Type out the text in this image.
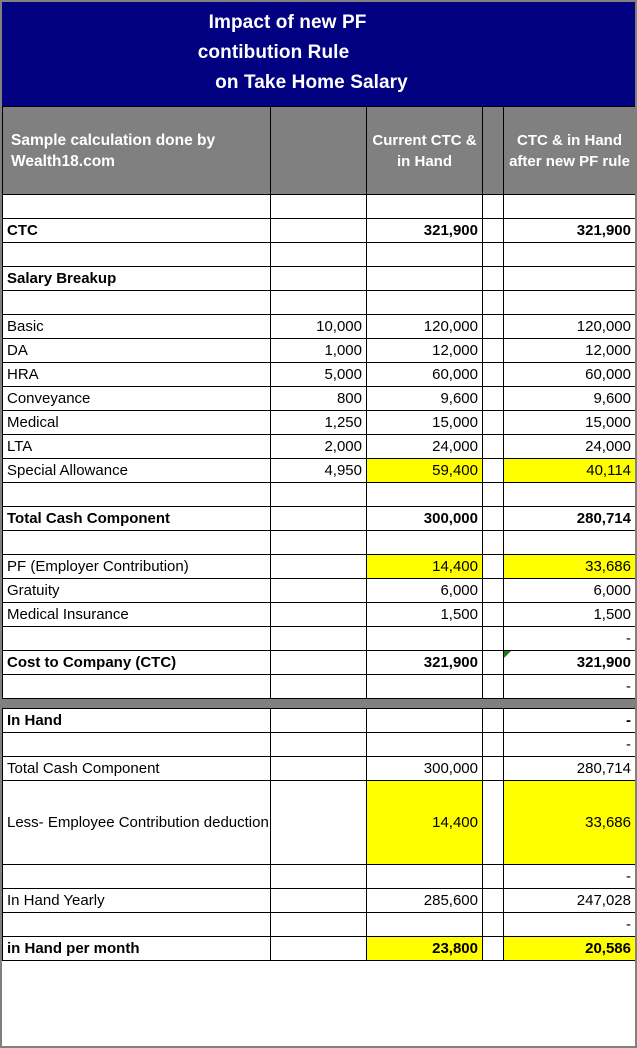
Impact of new PF
contibution Rule
on Take Home Salary
Sample calculation done by Wealth18.com		Current CTC & in Hand		CTC & in Hand after new PF rule

CTC		321,900		321,900

Salary Breakup				

Basic	10,000	120,000		120,000
DA	1,000	12,000		12,000
HRA	5,000	60,000		60,000
Conveyance	800	9,600		9,600
Medical	1,250	15,000		15,000
LTA	2,000	24,000		24,000
Special Allowance	4,950	59,400		40,114

Total Cash Component		300,000		280,714

PF (Employer Contribution)		14,400		33,686
Gratuity		6,000		6,000
Medical Insurance		1,500		1,500
				-
Cost to Company (CTC)		321,900		321,900
				-

In Hand				-
				-
Total Cash Component		300,000		280,714
Less- Employee Contribution deduction		14,400		33,686
				-
In Hand Yearly		285,600		247,028
				-
in Hand per month		23,800		20,586
